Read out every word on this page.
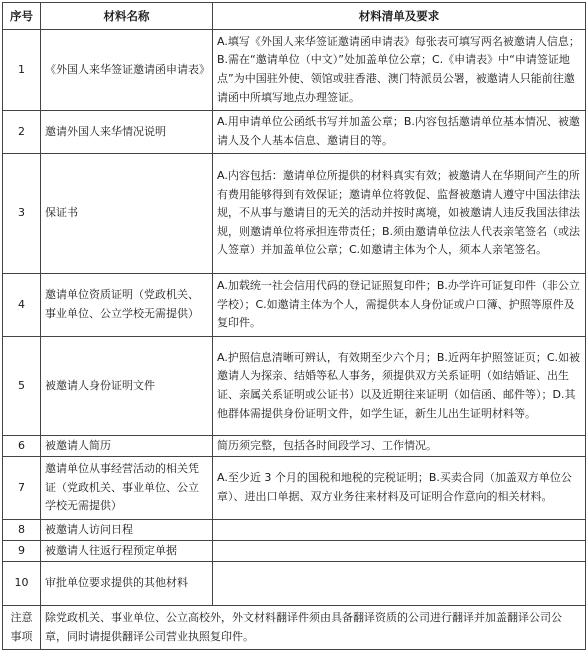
序号	材料名称	材料清单及要求
1	《外国人来华签证邀请函申请表》	A.填写《外国人来华签证邀请函申请表》每张表可填写两名被邀请人信息；B.需在“邀请单位（中文）”处加盖单位公章；C.《申请表》中“申请签证地点”为中国驻外使、领馆或驻香港、澳门特派员公署，被邀请人只能前往邀请函中所填写地点办理签证。
2	邀请外国人来华情况说明	A.用申请单位公函纸书写并加盖公章；B.内容包括邀请单位基本情况、被邀请人及个人基本信息、邀请目的等。
3	保证书	A.内容包括：邀请单位所提供的材料真实有效；被邀请人在华期间产生的所有费用能够得到有效保证；邀请单位将敦促、监督被邀请人遵守中国法律法规，不从事与邀请目的无关的活动并按时离境，如被邀请人违反我国法律法规，则邀请单位将承担连带责任；B.须由邀请单位法人代表亲笔签名（或法人签章）并加盖单位公章；C.如邀请主体为个人，须本人亲笔签名。
4	邀请单位资质证明（党政机关、事业单位、公立学校无需提供）	A.加载统一社会信用代码的登记证照复印件；B.办学许可证复印件（非公立学校）；C.如邀请主体为个人，需提供本人身份证或户口簿、护照等原件及复印件。
5	被邀请人身份证明文件	A.护照信息清晰可辨认，有效期至少六个月；B.近两年护照签证页；C.如被邀请人为探亲、结婚等私人事务，须提供双方关系证明（如结婚证、出生证、亲属关系证明或公证书）以及近期往来证明（如信函、邮件等）；D.其他群体需提供身份证明文件，如学生证，新生儿出生证明材料等。
6	被邀请人简历	简历须完整，包括各时间段学习、工作情况。
7	邀请单位从事经营活动的相关凭证（党政机关、事业单位、公立学校无需提供）	A.至少近 3 个月的国税和地税的完税证明；B.买卖合同（加盖双方单位公章）、进出口单据、双方业务往来材料及可证明合作意向的相关材料。
8	被邀请人访问日程	
9	被邀请人往返行程预定单据	
10	审批单位要求提供的其他材料	
注意事项	除党政机关、事业单位、公立高校外，外文材料翻译件须由具备翻译资质的公司进行翻译并加盖翻译公司公章，同时请提供翻译公司营业执照复印件。	
